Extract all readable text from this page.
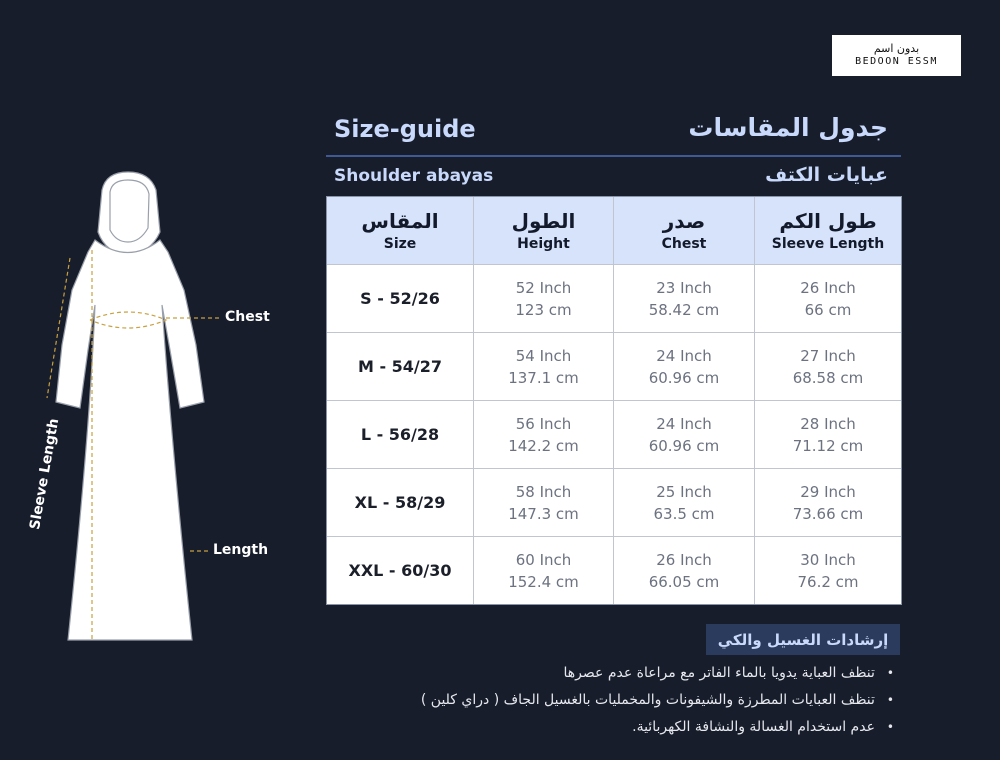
بدون اسم
BEDOON ESSM
Sleeve Length
Chest
Length
Size-guide	جدول المقاسات
Shoulder abayas	عبايات الكتف
المقاس
Size
الطول
Height
صدر
Chest
طول الكم
Sleeve Length
S - 52/26
52 Inch
123 cm
23 Inch
58.42 cm
26 Inch
66 cm
M - 54/27
54 Inch
137.1 cm
24 Inch
60.96 cm
27 Inch
68.58 cm
L - 56/28
56 Inch
142.2 cm
24 Inch
60.96 cm
28 Inch
71.12 cm
XL - 58/29
58 Inch
147.3 cm
25 Inch
63.5 cm
29 Inch
73.66 cm
XXL - 60/30
60 Inch
152.4 cm
26 Inch
66.05 cm
30 Inch
76.2 cm
إرشادات الغسيل والكي
•تنظف العباية يدويا بالماء الفاتر مع مراعاة عدم عصرها
•تنظف العبايات المطرزة والشيفونات والمخمليات بالغسيل الجاف ( دراي كلين )
•عدم استخدام الغسالة والنشافة الكهربائية.
